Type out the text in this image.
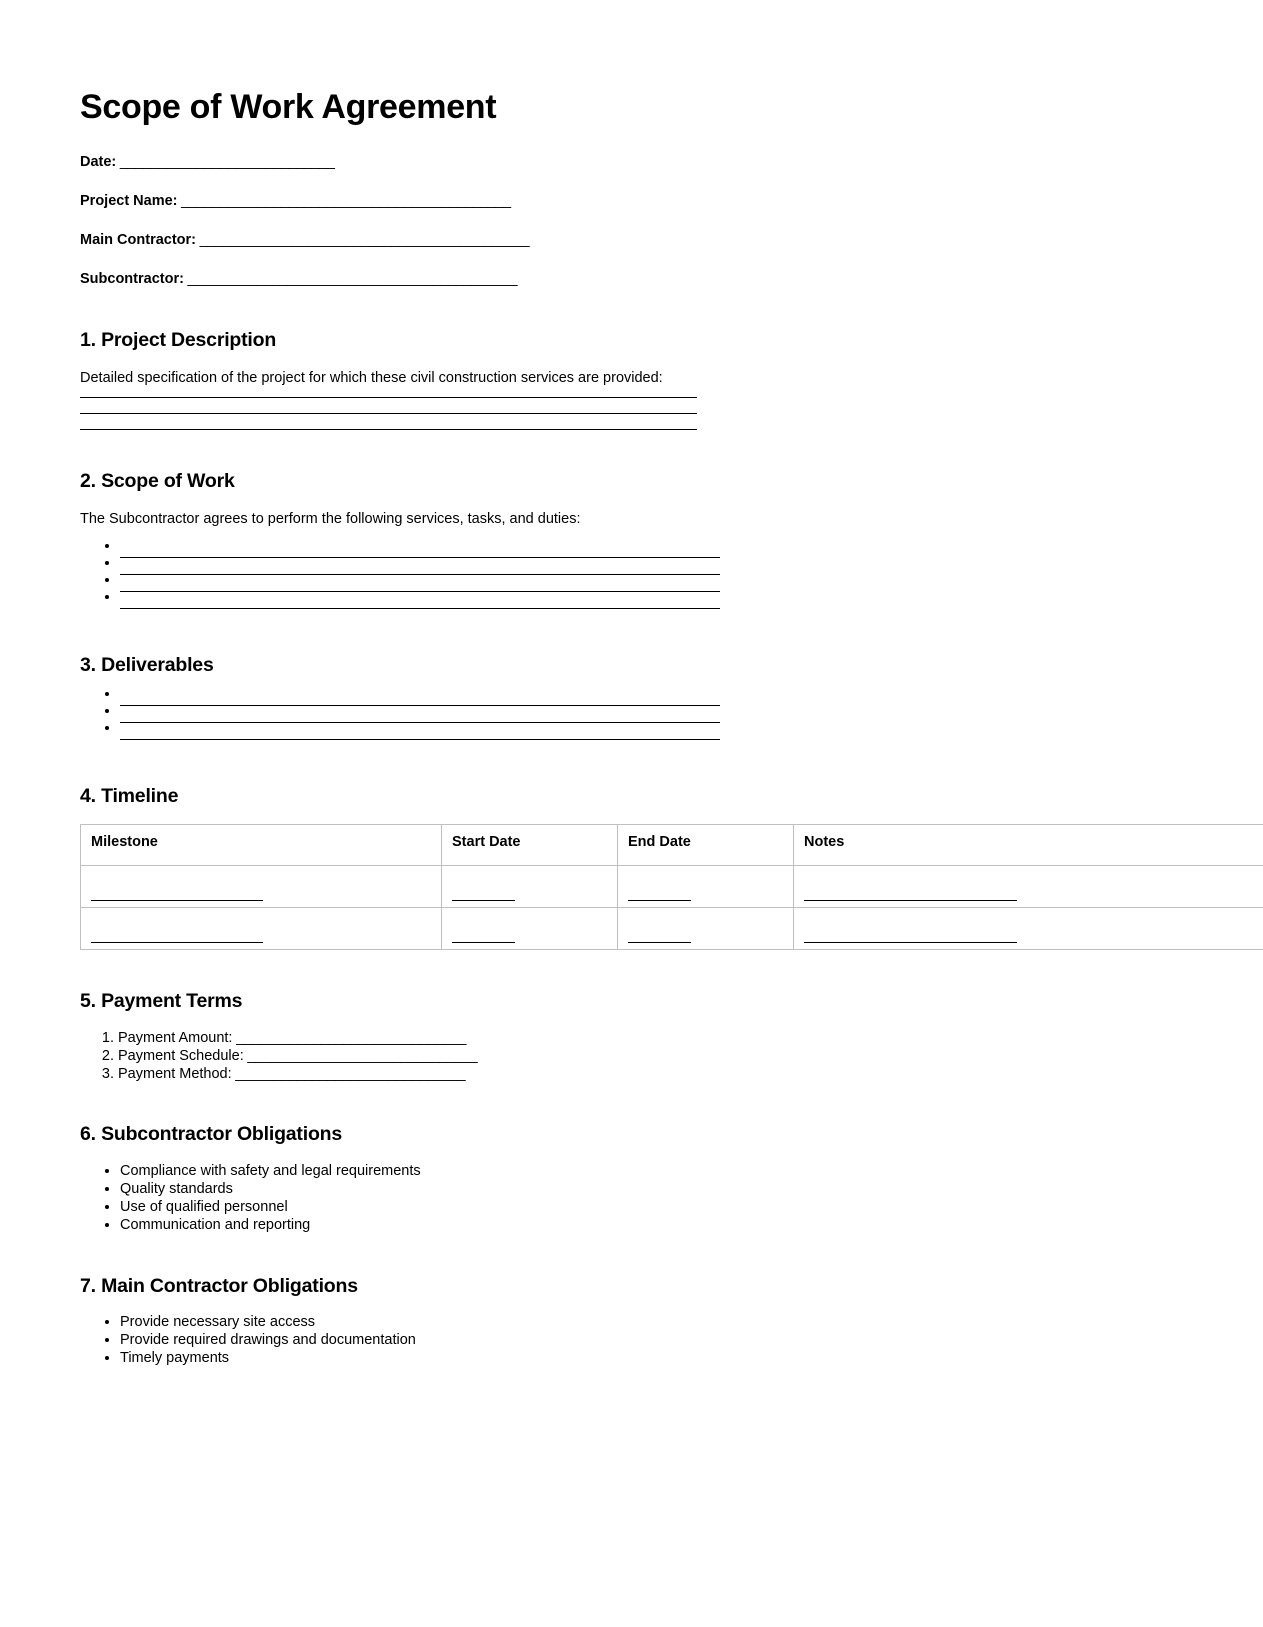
Scope of Work Agreement
Date: ____________________________
Project Name: ___________________________________________
Main Contractor: ___________________________________________
Subcontractor: ___________________________________________
1. Project Description

Detailed specification of the project for which these civil construction services are provided:

2. Scope of Work

The Subcontractor agrees to perform the following services, tasks, and duties:

•
•
•
•
3. Deliverables
•
•
•
4. Timeline
Milestone	Start Date	End Date	Notes

5. Payment Terms
1. Payment Amount: ______________________________
2. Payment Schedule: ______________________________
3. Payment Method: ______________________________
6. Subcontractor Obligations
• Compliance with safety and legal requirements
• Quality standards
• Use of qualified personnel
• Communication and reporting
7. Main Contractor Obligations
• Provide necessary site access
• Provide required drawings and documentation
• Timely payments
